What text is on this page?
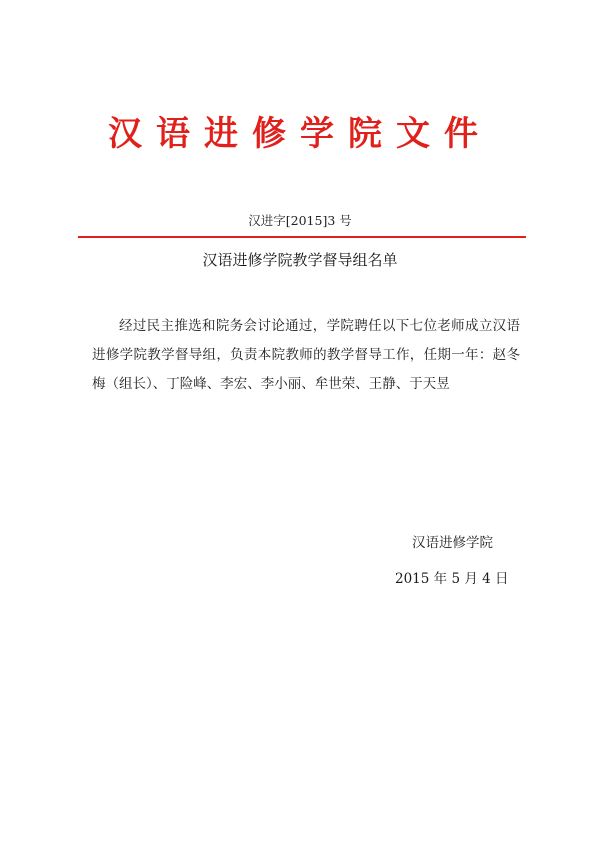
汉语进修学院文件
汉进字[2015]3 号
汉语进修学院教学督导组名单
经过民主推选和院务会讨论通过，学院聘任以下七位老师成立汉语进修学院教学督导组，负责本院教师的教学督导工作，任期一年：赵冬梅（组长）、丁险峰、李宏、李小丽、牟世荣、王静、于天昱
汉语进修学院
2015 年 5 月 4 日
